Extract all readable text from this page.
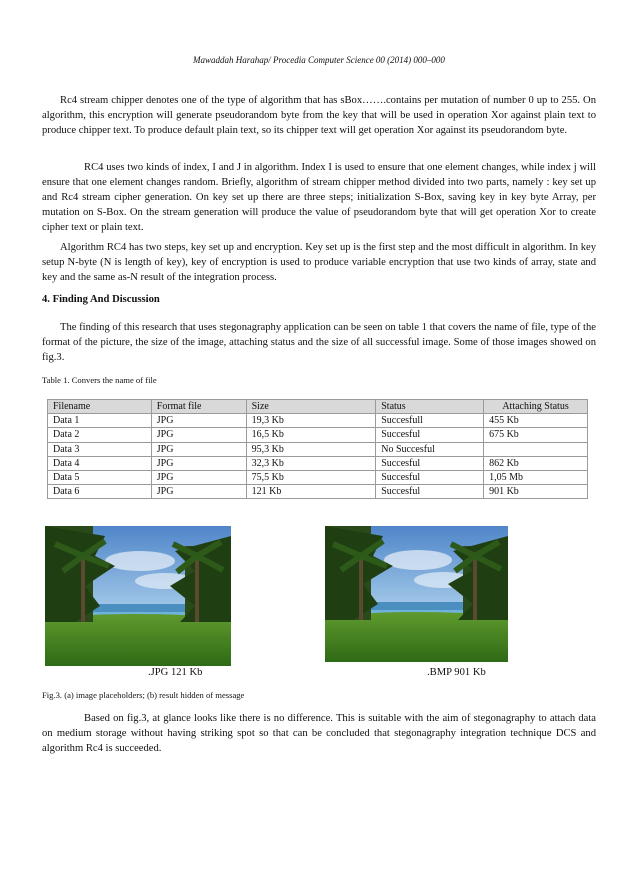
Mawaddah Harahap/ Procedia Computer Science 00 (2014) 000–000

Rc4 stream chipper denotes one of the type of algorithm that has sBox…….contains per mutation of number 0 up to 255. On algorithm, this encryption will generate pseudorandom byte from the key that will be used in operation Xor against plain text to produce chipper text. To produce default plain text, so its chipper text will get operation Xor against its pseudorandom byte.

RC4 uses two kinds of index, I and J in algorithm. Index I is used to ensure that one element changes, while index j will ensure that one element changes random. Briefly, algorithm of stream chipper method divided into two parts, namely : key set up and Rc4 stream cipher generation. On key set up there are three steps; initialization S-Box, saving key in key byte Array, per mutation on S-Box. On the stream generation will produce the value of pseudorandom byte that will get operation Xor to create cipher text or plain text.

Algorithm RC4 has two steps, key set up and encryption. Key set up is the first step and the most difficult in algorithm. In key setup N-byte (N is length of key), key of encryption is used to produce variable encryption that use two kinds of array, state and key and the same as-N result of the integration process.

4. Finding And Discussion

The finding of this research that uses stegonagraphy application can be seen on table 1 that covers the name of file, type of the format of the picture, the size of the image, attaching status and the size of all successful image. Some of those images showed on fig.3.

Table 1. Convers the name of file
Filename	Format file	Size	Status	Attaching Status
Data 1	JPG	19,3 Kb	Succesfull	455 Kb
Data 2	JPG	16,5 Kb	Succesful	675 Kb
Data 3	JPG	95,3 Kb	No Succesful	
Data 4	JPG	32,3 Kb	Succesful	862 Kb
Data 5	JPG	75,5 Kb	Succesful	1,05 Mb
Data 6	JPG	121 Kb	Succesful	901 Kb
.JPG 121 Kb	.BMP 901 Kb
Fig.3. (a) image placeholders; (b) result hidden of message

Based on fig.3, at glance looks like there is no difference. This is suitable with the aim of stegonagraphy to attach data on medium storage without having striking spot so that can be concluded that stegonagraphy integration technique DCS and algorithm Rc4 is succeeded.
